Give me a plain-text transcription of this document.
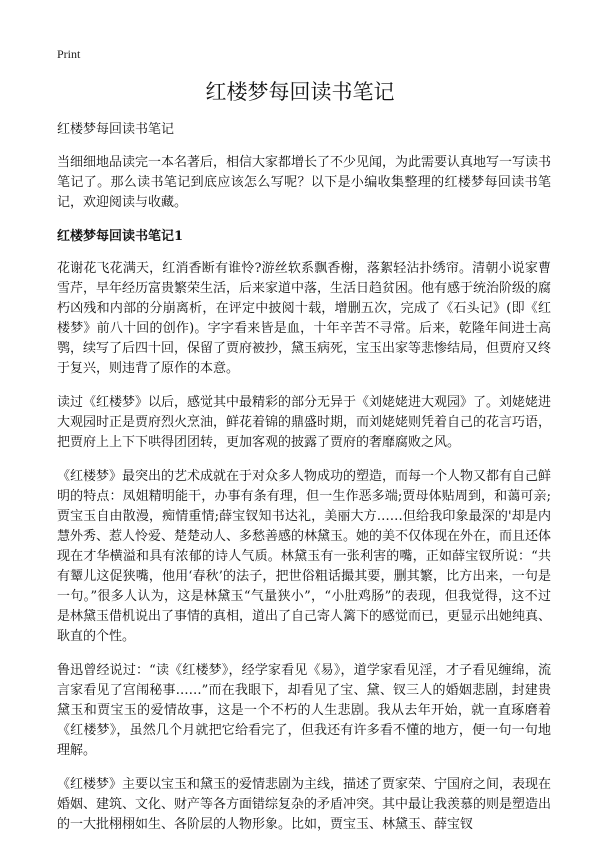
Print
红楼梦每回读书笔记
红楼梦每回读书笔记

当细细地品读完一本名著后，相信大家都增长了不少见闻，为此需要认真地写一写读书笔记了。那么读书笔记到底应该怎么写呢？以下是小编收集整理的红楼梦每回读书笔记，欢迎阅读与收藏。

红楼梦每回读书笔记1

花谢花飞花满天，红消香断有谁怜?游丝软系飘香榭，落絮轻沾扑绣帘。清朝小说家曹雪芹，早年经历富贵繁荣生活，后来家道中落，生活日趋贫困。他有感于统治阶级的腐朽凶残和内部的分崩离析，在评定中披阅十载，增删五次，完成了《石头记》(即《红楼梦》前八十回的创作)。字字看来皆是血，十年辛苦不寻常。后来，乾隆年间进士高鹗，续写了后四十回，保留了贾府被抄，黛玉病死，宝玉出家等悲惨结局，但贾府又终于复兴，则违背了原作的本意。

读过《红楼梦》以后，感觉其中最精彩的部分无异于《刘姥姥进大观园》了。刘姥姥进大观园时正是贾府烈火烹油，鲜花着锦的鼎盛时期，而刘姥姥则凭着自己的花言巧语，把贾府上上下下哄得团团转，更加客观的披露了贾府的奢靡腐败之风。

《红楼梦》最突出的艺术成就在于对众多人物成功的塑造，而每一个人物又都有自己鲜明的特点：凤姐精明能干，办事有条有理，但一生作恶多端;贾母体贴周到，和蔼可亲;贾宝玉自由散漫，痴情重情;薛宝钗知书达礼，美丽大方……但给我印象最深的'却是内慧外秀、惹人怜爱、楚楚动人、多愁善感的林黛玉。她的美不仅体现在外在，而且还体现在才华横溢和具有浓郁的诗人气质。林黛玉有一张利害的嘴，正如薛宝钗所说：“共有颦儿这促狭嘴，他用‘春秋’的法子，把世俗粗话撮其要，删其繁，比方出来，一句是一句。”很多人认为，这是林黛玉“气量狭小”，“小肚鸡肠”的表现，但我觉得，这不过是林黛玉借机说出了事情的真相，道出了自己寄人篱下的感觉而已，更显示出她纯真、耿直的个性。

鲁迅曾经说过：“读《红楼梦》，经学家看见《易》，道学家看见淫，才子看见缠绵，流言家看见了宫闱秘事……”而在我眼下，却看见了宝、黛、钗三人的婚姻悲剧，封建贵黛玉和贾宝玉的爱情故事，这是一个不朽的人生悲剧。我从去年开始，就一直琢磨着《红楼梦》，虽然几个月就把它给看完了，但我还有许多看不懂的地方，便一句一句地理解。

《红楼梦》主要以宝玉和黛玉的爱情悲剧为主线，描述了贾家荣、宁国府之间，表现在婚姻、建筑、文化、财产等各方面错综复杂的矛盾冲突。其中最让我羡慕的则是塑造出的一大批栩栩如生、各阶层的人物形象。比如，贾宝玉、林黛玉、薛宝钗
